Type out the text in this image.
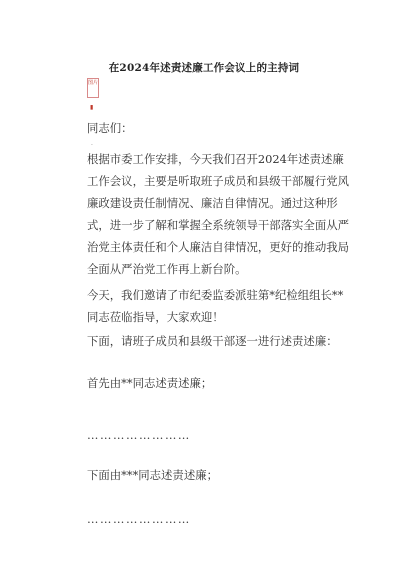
在2024年述责述廉工作会议上的主持词
图片
▮
同志们：
·
根据市委工作安排，今天我们召开2024年述责述廉工作会议，主要是听取班子成员和县级干部履行党风廉政建设责任制情况、廉洁自律情况。通过这种形式，进一步了解和掌握全系统领导干部落实全面从严治党主体责任和个人廉洁自律情况，更好的推动我局全面从严治党工作再上新台阶。
今天，我们邀请了市纪委监委派驻第*纪检组组长**同志莅临指导，大家欢迎！
下面，请班子成员和县级干部逐一进行述责述廉：
首先由**同志述责述廉；
……………………
下面由***同志述责述廉；
……………………
